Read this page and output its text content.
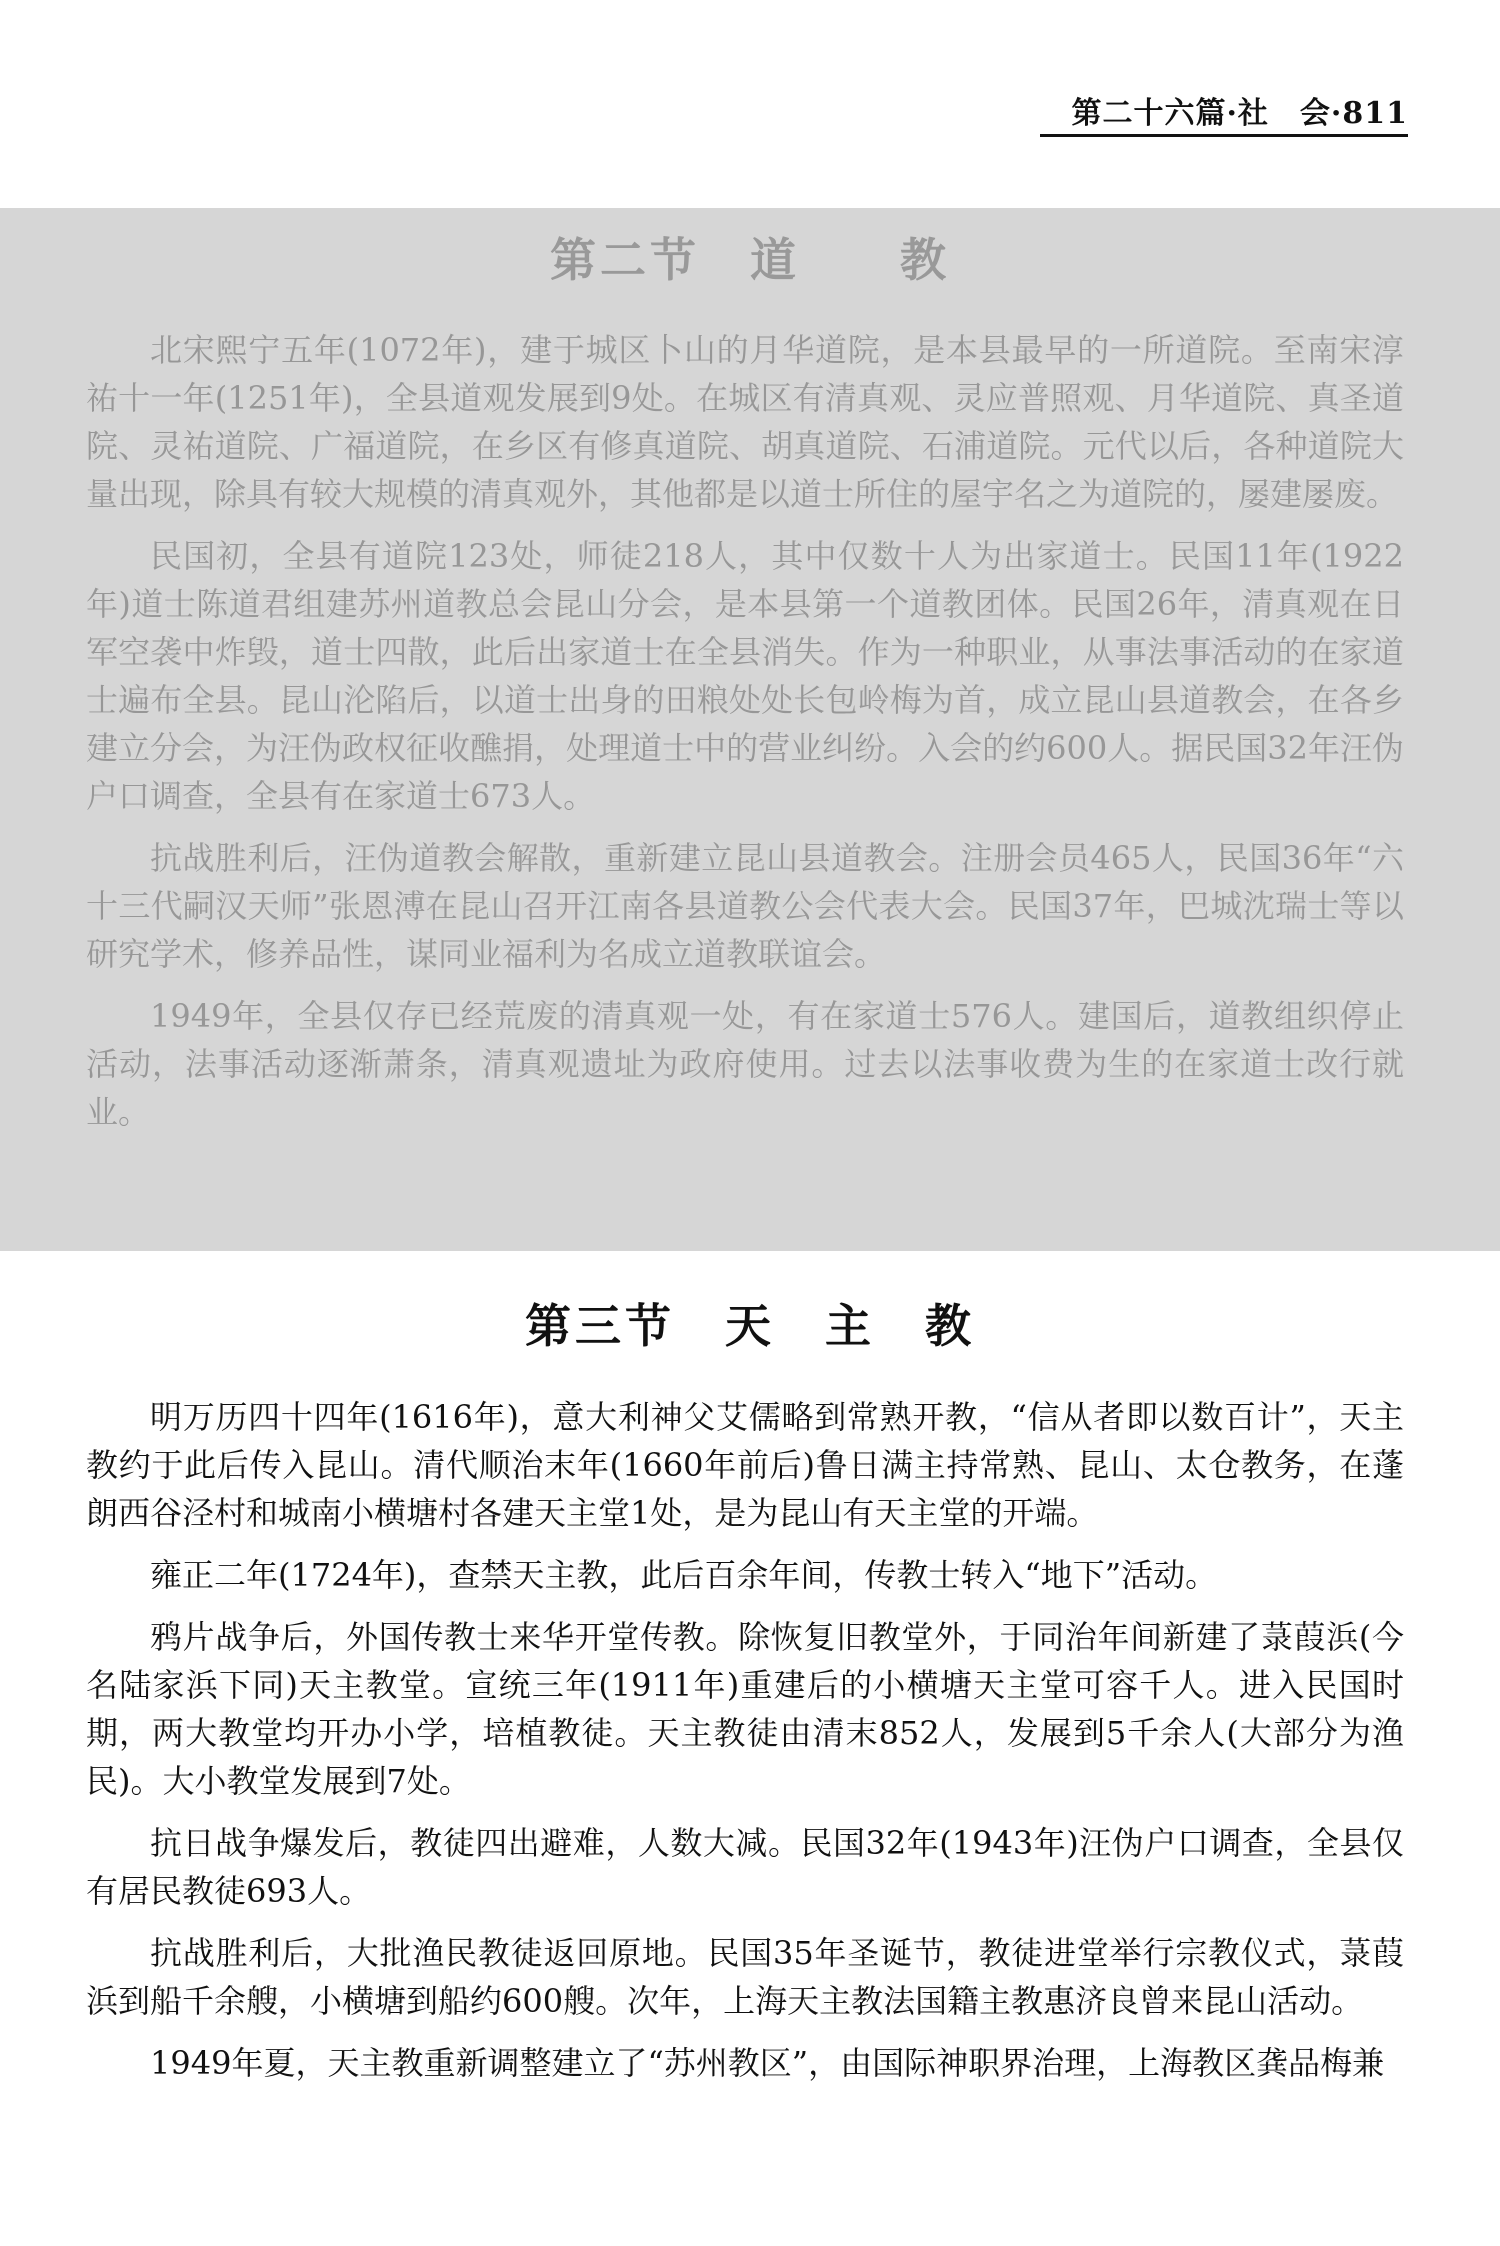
第二十六篇·社　会·811
第二节　道　　教

北宋熙宁五年(1072年)，建于城区卜山的月华道院，是本县最早的一所道院。至南宋淳祐十一年(1251年)，全县道观发展到9处。在城区有清真观、灵应普照观、月华道院、真圣道院、灵祐道院、广福道院，在乡区有修真道院、胡真道院、石浦道院。元代以后，各种道院大量出现，除具有较大规模的清真观外，其他都是以道士所住的屋宇名之为道院的，屡建屡废。

民国初，全县有道院123处，师徒218人，其中仅数十人为出家道士。民国11年(1922年)道士陈道君组建苏州道教总会昆山分会，是本县第一个道教团体。民国26年，清真观在日军空袭中炸毁，道士四散，此后出家道士在全县消失。作为一种职业，从事法事活动的在家道士遍布全县。昆山沦陷后，以道士出身的田粮处处长包岭梅为首，成立昆山县道教会，在各乡建立分会，为汪伪政权征收醮捐，处理道士中的营业纠纷。入会的约600人。据民国32年汪伪户口调查，全县有在家道士673人。

抗战胜利后，汪伪道教会解散，重新建立昆山县道教会。注册会员465人，民国36年“六十三代嗣汉天师”张恩溥在昆山召开江南各县道教公会代表大会。民国37年，巴城沈瑞士等以研究学术，修养品性，谋同业福利为名成立道教联谊会。

1949年，全县仅存已经荒废的清真观一处，有在家道士576人。建国后，道教组织停止活动，法事活动逐渐萧条，清真观遗址为政府使用。过去以法事收费为生的在家道士改行就业。

第三节　天　主　教

明万历四十四年(1616年)，意大利神父艾儒略到常熟开教，“信从者即以数百计”，天主教约于此后传入昆山。清代顺治末年(1660年前后)鲁日满主持常熟、昆山、太仓教务，在蓬朗西谷泾村和城南小横塘村各建天主堂1处，是为昆山有天主堂的开端。

雍正二年(1724年)，查禁天主教，此后百余年间，传教士转入“地下”活动。

鸦片战争后，外国传教士来华开堂传教。除恢复旧教堂外，于同治年间新建了菉葭浜(今名陆家浜下同)天主教堂。宣统三年(1911年)重建后的小横塘天主堂可容千人。进入民国时期，两大教堂均开办小学，培植教徒。天主教徒由清末852人，发展到5千余人(大部分为渔民)。大小教堂发展到7处。

抗日战争爆发后，教徒四出避难，人数大减。民国32年(1943年)汪伪户口调查，全县仅有居民教徒693人。

抗战胜利后，大批渔民教徒返回原地。民国35年圣诞节，教徒进堂举行宗教仪式，菉葭浜到船千余艘，小横塘到船约600艘。次年，上海天主教法国籍主教惠济良曾来昆山活动。

1949年夏，天主教重新调整建立了“苏州教区”，由国际神职界治理，上海教区龚品梅兼
